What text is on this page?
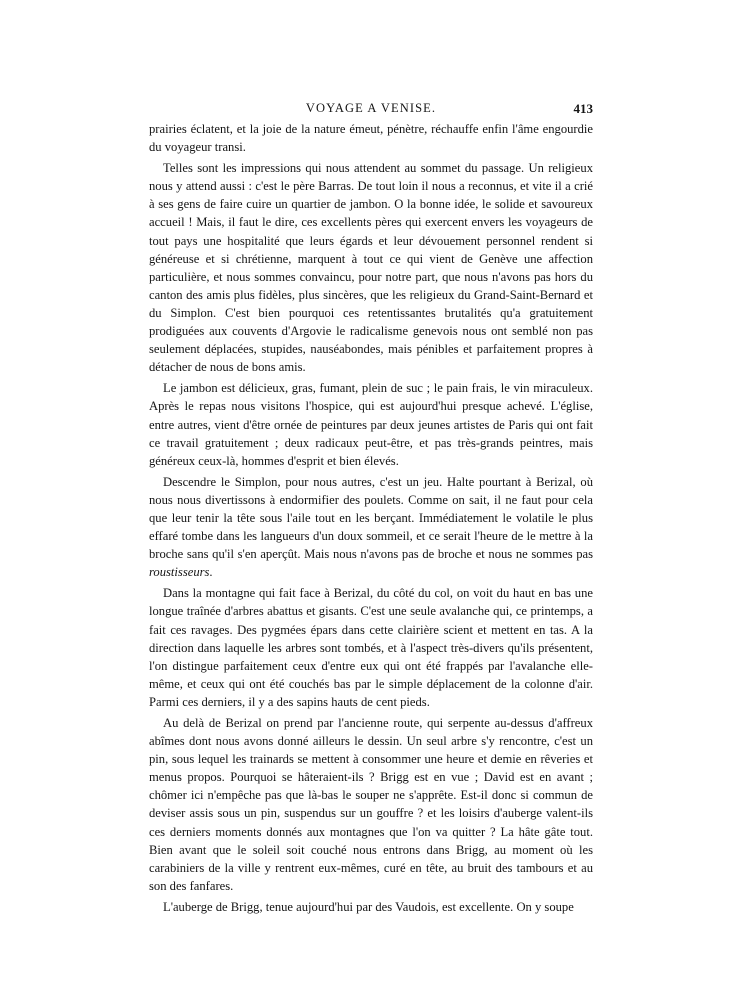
VOYAGE A VENISE.	413

prairies éclatent, et la joie de la nature émeut, pénètre, réchauffe enfin l'âme engourdie du voyageur transi.

Telles sont les impressions qui nous attendent au sommet du passage. Un religieux nous y attend aussi : c'est le père Barras. De tout loin il nous a reconnus, et vite il a crié à ses gens de faire cuire un quartier de jambon. O la bonne idée, le solide et savoureux accueil ! Mais, il faut le dire, ces excellents pères qui exercent envers les voyageurs de tout pays une hospitalité que leurs égards et leur dévouement personnel rendent si généreuse et si chrétienne, marquent à tout ce qui vient de Genève une affection particulière, et nous sommes convaincu, pour notre part, que nous n'avons pas hors du canton des amis plus fidèles, plus sincères, que les religieux du Grand-Saint-Bernard et du Simplon. C'est bien pourquoi ces retentissantes brutalités qu'a gratuitement prodiguées aux couvents d'Argovie le radicalisme genevois nous ont semblé non pas seulement déplacées, stupides, nauséabondes, mais pénibles et parfaitement propres à détacher de nous de bons amis.

Le jambon est délicieux, gras, fumant, plein de suc ; le pain frais, le vin miraculeux. Après le repas nous visitons l'hospice, qui est aujourd'hui presque achevé. L'église, entre autres, vient d'être ornée de peintures par deux jeunes artistes de Paris qui ont fait ce travail gratuitement ; deux radicaux peut-être, et pas très-grands peintres, mais généreux ceux-là, hommes d'esprit et bien élevés.

Descendre le Simplon, pour nous autres, c'est un jeu. Halte pourtant à Berizal, où nous nous divertissons à endormifier des poulets. Comme on sait, il ne faut pour cela que leur tenir la tête sous l'aile tout en les berçant. Immédiatement le volatile le plus effaré tombe dans les langueurs d'un doux sommeil, et ce serait l'heure de le mettre à la broche sans qu'il s'en aperçût. Mais nous n'avons pas de broche et nous ne sommes pas roustisseurs.

Dans la montagne qui fait face à Berizal, du côté du col, on voit du haut en bas une longue traînée d'arbres abattus et gisants. C'est une seule avalanche qui, ce printemps, a fait ces ravages. Des pygmées épars dans cette clairière scient et mettent en tas. A la direction dans laquelle les arbres sont tombés, et à l'aspect très-divers qu'ils présentent, l'on distingue parfaitement ceux d'entre eux qui ont été frappés par l'avalanche elle-même, et ceux qui ont été couchés bas par le simple déplacement de la colonne d'air. Parmi ces derniers, il y a des sapins hauts de cent pieds.

Au delà de Berizal on prend par l'ancienne route, qui serpente au-dessus d'affreux abîmes dont nous avons donné ailleurs le dessin. Un seul arbre s'y rencontre, c'est un pin, sous lequel les trainards se mettent à consommer une heure et demie en rêveries et menus propos. Pourquoi se hâteraient-ils ? Brigg est en vue ; David est en avant ; chômer ici n'empêche pas que là-bas le souper ne s'apprête. Est-il donc si commun de deviser assis sous un pin, suspendus sur un gouffre ? et les loisirs d'auberge valent-ils ces derniers moments donnés aux montagnes que l'on va quitter ? La hâte gâte tout. Bien avant que le soleil soit couché nous entrons dans Brigg, au moment où les carabiniers de la ville y rentrent eux-mêmes, curé en tête, au bruit des tambours et au son des fanfares.

L'auberge de Brigg, tenue aujourd'hui par des Vaudois, est excellente. On y soupe
